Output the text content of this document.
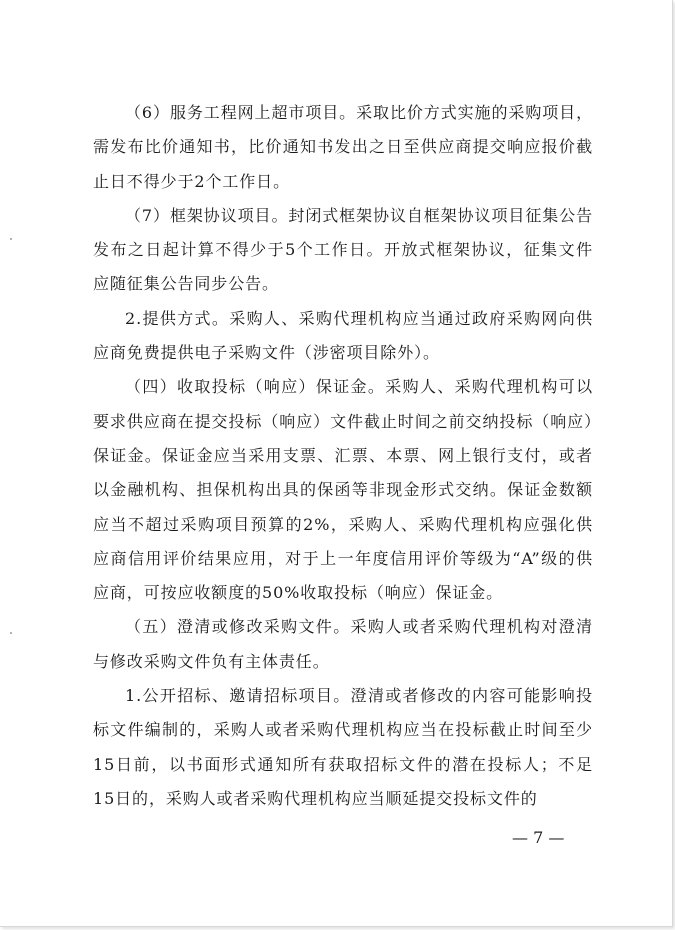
（6）服务工程网上超市项目。采取比价方式实施的采购项目，需发布比价通知书，比价通知书发出之日至供应商提交响应报价截止日不得少于2个工作日。

（7）框架协议项目。封闭式框架协议自框架协议项目征集公告发布之日起计算不得少于5个工作日。开放式框架协议，征集文件应随征集公告同步公告。

2.提供方式。采购人、采购代理机构应当通过政府采购网向供应商免费提供电子采购文件（涉密项目除外）。

（四）收取投标（响应）保证金。采购人、采购代理机构可以要求供应商在提交投标（响应）文件截止时间之前交纳投标（响应）保证金。保证金应当采用支票、汇票、本票、网上银行支付，或者以金融机构、担保机构出具的保函等非现金形式交纳。保证金数额应当不超过采购项目预算的2%，采购人、采购代理机构应强化供应商信用评价结果应用，对于上一年度信用评价等级为“A”级的供应商，可按应收额度的50%收取投标（响应）保证金。

（五）澄清或修改采购文件。采购人或者采购代理机构对澄清与修改采购文件负有主体责任。

1.公开招标、邀请招标项目。澄清或者修改的内容可能影响投标文件编制的，采购人或者采购代理机构应当在投标截止时间至少15日前，以书面形式通知所有获取招标文件的潜在投标人；不足15日的，采购人或者采购代理机构应当顺延提交投标文件的

— 7 —
